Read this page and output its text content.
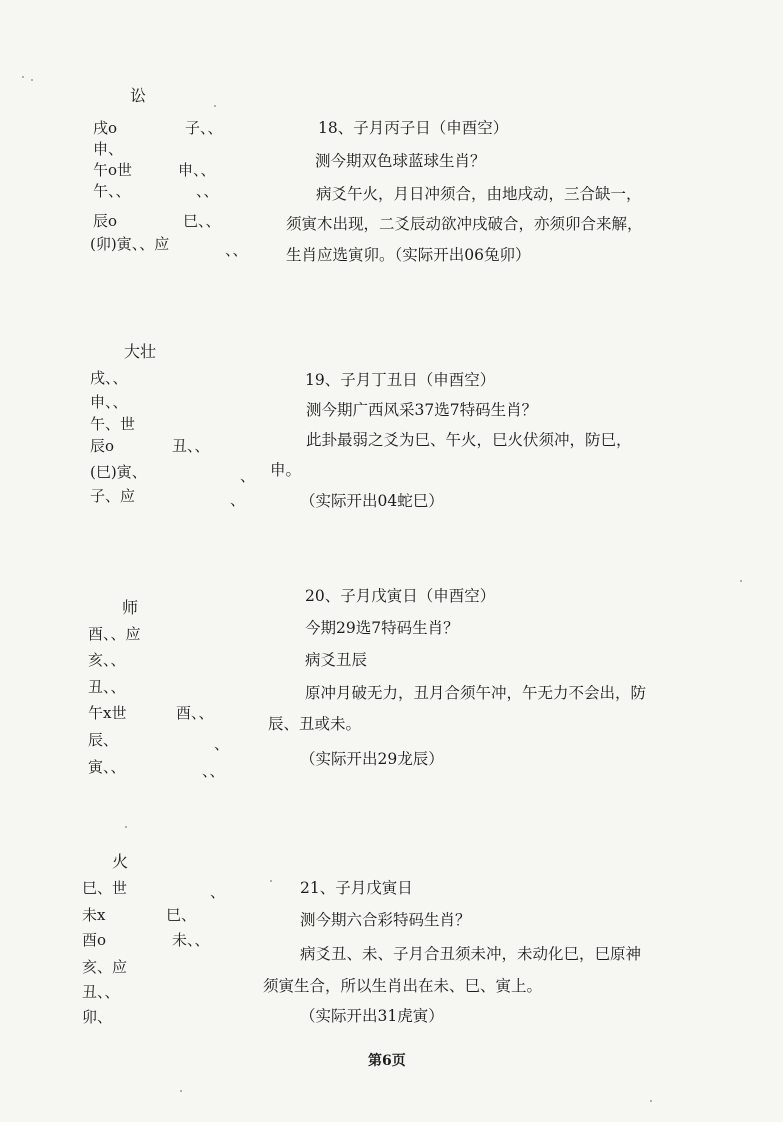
讼
戌o	子、、
申、
午o世	申、、
午、、	、、
辰o	巳、、
(卯)寅、、应	、、
18、子月丙子日（申酉空）
测今期双色球蓝球生肖？
病爻午火，月日冲须合，由地戌动，三合缺一，
须寅木出现，二爻辰动欲冲戌破合，亦须卯合来解，
生肖应选寅卯。（实际开出06兔卯）
大壮
戌、、
申、、
午、世
辰o	丑、、
(巳)寅、	、
子、应	、
19、子月丁丑日（申酉空）
测今期广西风采37选7特码生肖？
此卦最弱之爻为巳、午火，巳火伏须冲，防巳，
申。
（实际开出04蛇巳）
师
酉、、应
亥、、
丑、、
午x世	酉、、
辰、	、
寅、、	、、
20、子月戊寅日（申酉空）
今期29选7特码生肖？
病爻丑辰
原冲月破无力，丑月合须午冲，午无力不会出，防
辰、丑或未。
（实际开出29龙辰）
火
巳、世	、
未x	巳、
酉o	未、、
亥、应
丑、、
卯、
21、子月戊寅日
测今期六合彩特码生肖？
病爻丑、未、子月合丑须未冲，未动化巳，巳原神
须寅生合，所以生肖出在未、巳、寅上。
（实际开出31虎寅）
第6页
